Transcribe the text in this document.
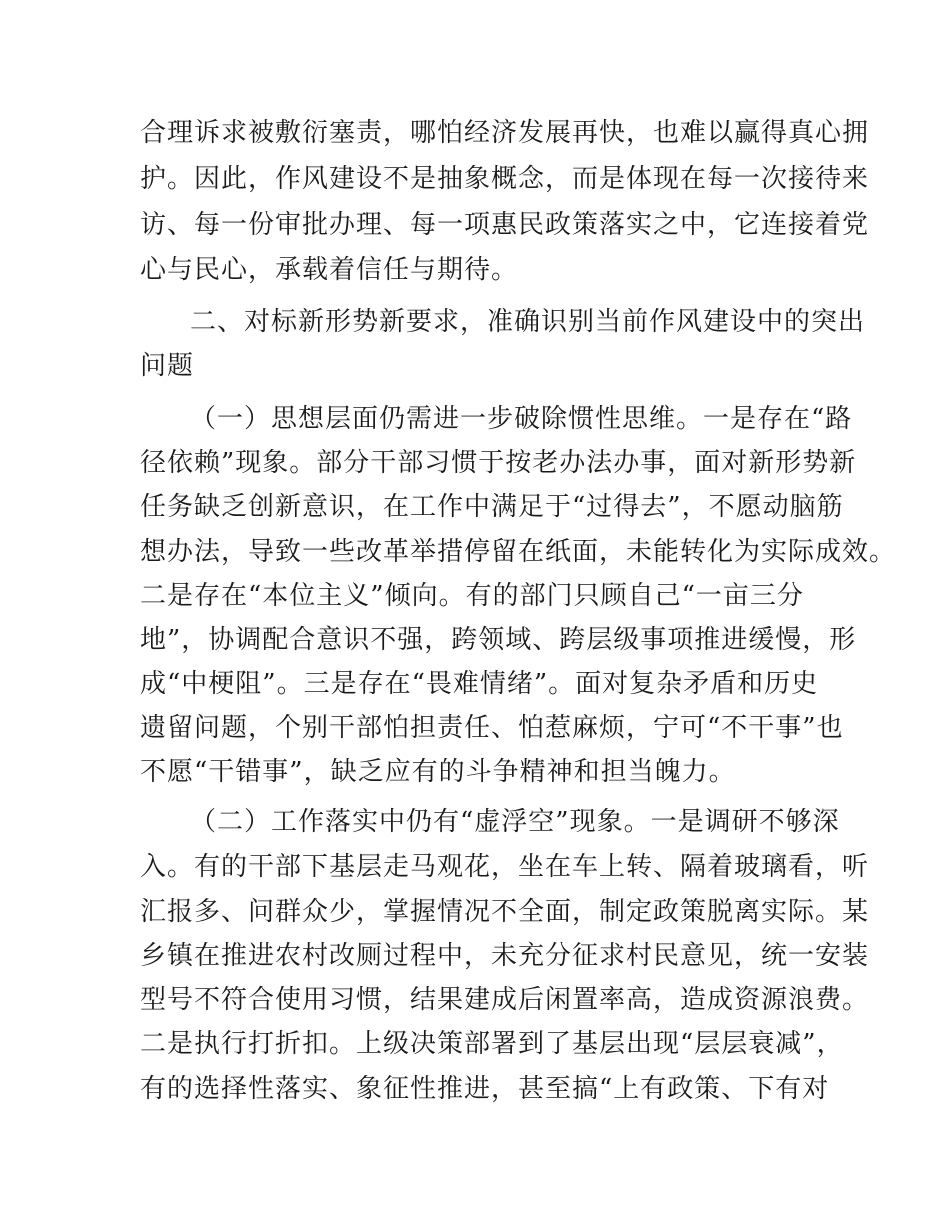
合理诉求被敷衍塞责，哪怕经济发展再快，也难以赢得真心拥
护。因此，作风建设不是抽象概念，而是体现在每一次接待来
访、每一份审批办理、每一项惠民政策落实之中，它连接着党
心与民心，承载着信任与期待。
二、对标新形势新要求，准确识别当前作风建设中的突出
问题
（一）思想层面仍需进一步破除惯性思维。一是存在“路
径依赖”现象。部分干部习惯于按老办法办事，面对新形势新
任务缺乏创新意识，在工作中满足于“过得去”，不愿动脑筋
想办法，导致一些改革举措停留在纸面，未能转化为实际成效。
二是存在“本位主义”倾向。有的部门只顾自己“一亩三分
地”，协调配合意识不强，跨领域、跨层级事项推进缓慢，形
成“中梗阻”。三是存在“畏难情绪”。面对复杂矛盾和历史
遗留问题，个别干部怕担责任、怕惹麻烦，宁可“不干事”也
不愿“干错事”，缺乏应有的斗争精神和担当魄力。
（二）工作落实中仍有“虚浮空”现象。一是调研不够深
入。有的干部下基层走马观花，坐在车上转、隔着玻璃看，听
汇报多、问群众少，掌握情况不全面，制定政策脱离实际。某
乡镇在推进农村改厕过程中，未充分征求村民意见，统一安装
型号不符合使用习惯，结果建成后闲置率高，造成资源浪费。
二是执行打折扣。上级决策部署到了基层出现“层层衰减”，
有的选择性落实、象征性推进，甚至搞“上有政策、下有对
